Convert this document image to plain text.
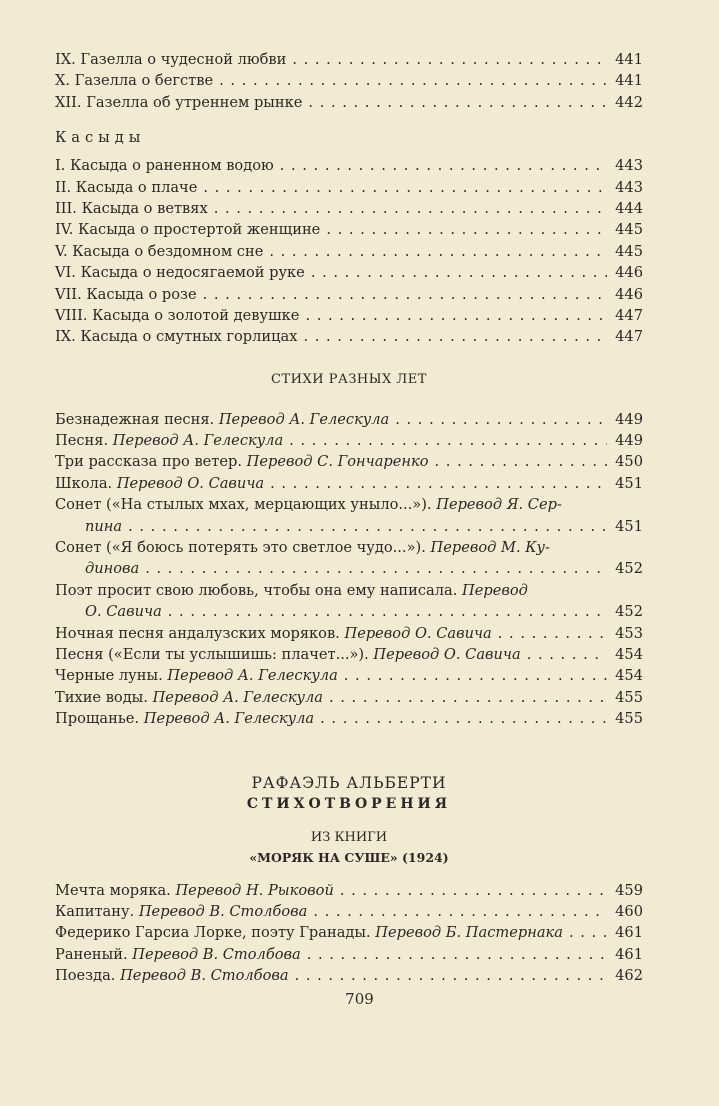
IX. Газелла о чудесной любви . . .	441
X. Газелла о бегстве . . .	441
XII. Газелла об утреннем рынке . . .	442
Касыды
I. Касыда о раненном водою . . .	443
II. Касыда о плаче . . .	443
III. Касыда о ветвях . . .	444
IV. Касыда о простертой женщине . . .	445
V. Касыда о бездомном сне . . .	445
VI. Касыда о недосягаемой руке . . .	446
VII. Касыда о розе . . .	446
VIII. Касыда о золотой девушке . . .	447
IX. Касыда о смутных горлицах . . .	447
СТИХИ РАЗНЫХ ЛЕТ
Безнадежная песня. Перевод А. Гелескула . . .	449
Песня. Перевод А. Гелескула . . .	449
Три рассказа про ветер. Перевод С. Гончаренко . . .	450
Школа. Перевод О. Савича . . .	451
Сонет («На стылых мхах, мерцающих уныло...»). Перевод Я. Сер-
пина . . .	451
Сонет («Я боюсь потерять это светлое чудо...»). Перевод М. Ку-
динова . . .	452
Поэт просит свою любовь, чтобы она ему написала. Перевод
О. Савича . . .	452
Ночная песня андалузских моряков. Перевод О. Савича . . .	453
Песня («Если ты услышишь: плачет...»). Перевод О. Савича . . .	454
Черные луны. Перевод А. Гелескула . . .	454
Тихие воды. Перевод А. Гелескула . . .	455
Прощанье. Перевод А. Гелескула . . .	455
РАФАЭЛЬ АЛЬБЕРТИ
СТИХОТВОРЕНИЯ
ИЗ КНИГИ
«МОРЯК НА СУШЕ» (1924)
Мечта моряка. Перевод Н. Рыковой . . .	459
Капитану. Перевод В. Столбова . . .	460
Федерико Гарсиа Лорке, поэту Гранады. Перевод Б. Пастернака . . .	461
Раненый. Перевод В. Столбова . . .	461
Поезда. Перевод В. Столбова . . .	462
709
